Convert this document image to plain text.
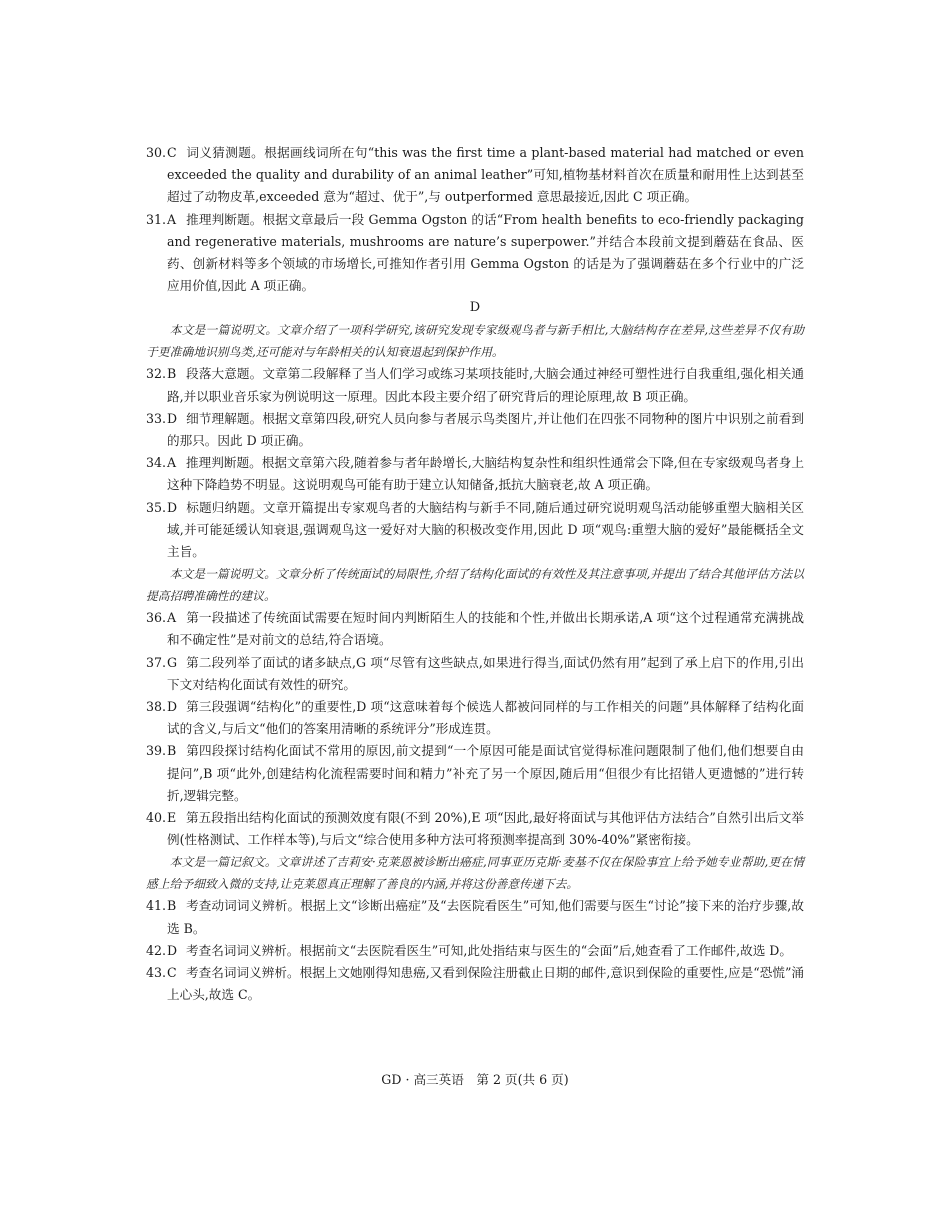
30.C 词义猜测题。根据画线词所在句“this was the first time a plant-based material had matched or even exceeded the quality and durability of an animal leather”可知,植物基材料首次在质量和耐用性上达到甚至超过了动物皮革,exceeded 意为“超过、优于”,与 outperformed 意思最接近,因此 C 项正确。

31.A 推理判断题。根据文章最后一段 Gemma Ogston 的话“From health benefits to eco-friendly packaging and regenerative materials, mushrooms are nature’s superpower.”并结合本段前文提到蘑菇在食品、医药、创新材料等多个领域的市场增长,可推知作者引用 Gemma Ogston 的话是为了强调蘑菇在多个行业中的广泛应用价值,因此 A 项正确。

D

本文是一篇说明文。文章介绍了一项科学研究,该研究发现专家级观鸟者与新手相比,大脑结构存在差异,这些差异不仅有助于更准确地识别鸟类,还可能对与年龄相关的认知衰退起到保护作用。

32.B 段落大意题。文章第二段解释了当人们学习或练习某项技能时,大脑会通过神经可塑性进行自我重组,强化相关通路,并以职业音乐家为例说明这一原理。因此本段主要介绍了研究背后的理论原理,故 B 项正确。

33.D 细节理解题。根据文章第四段,研究人员向参与者展示鸟类图片,并让他们在四张不同物种的图片中识别之前看到的那只。因此 D 项正确。

34.A 推理判断题。根据文章第六段,随着参与者年龄增长,大脑结构复杂性和组织性通常会下降,但在专家级观鸟者身上这种下降趋势不明显。这说明观鸟可能有助于建立认知储备,抵抗大脑衰老,故 A 项正确。

35.D 标题归纳题。文章开篇提出专家观鸟者的大脑结构与新手不同,随后通过研究说明观鸟活动能够重塑大脑相关区域,并可能延缓认知衰退,强调观鸟这一爱好对大脑的积极改变作用,因此 D 项“观鸟:重塑大脑的爱好”最能概括全文主旨。

本文是一篇说明文。文章分析了传统面试的局限性,介绍了结构化面试的有效性及其注意事项,并提出了结合其他评估方法以提高招聘准确性的建议。

36.A 第一段描述了传统面试需要在短时间内判断陌生人的技能和个性,并做出长期承诺,A 项“这个过程通常充满挑战和不确定性”是对前文的总结,符合语境。

37.G 第二段列举了面试的诸多缺点,G 项“尽管有这些缺点,如果进行得当,面试仍然有用”起到了承上启下的作用,引出下文对结构化面试有效性的研究。

38.D 第三段强调“结构化”的重要性,D 项“这意味着每个候选人都被问同样的与工作相关的问题”具体解释了结构化面试的含义,与后文“他们的答案用清晰的系统评分”形成连贯。

39.B 第四段探讨结构化面试不常用的原因,前文提到“一个原因可能是面试官觉得标准问题限制了他们,他们想要自由提问”,B 项“此外,创建结构化流程需要时间和精力”补充了另一个原因,随后用“但很少有比招错人更遗憾的”进行转折,逻辑完整。

40.E 第五段指出结构化面试的预测效度有限(不到 20%),E 项“因此,最好将面试与其他评估方法结合”自然引出后文举例(性格测试、工作样本等),与后文“综合使用多种方法可将预测率提高到 30%-40%”紧密衔接。

本文是一篇记叙文。文章讲述了吉莉安·克莱恩被诊断出癌症,同事亚历克斯·麦基不仅在保险事宜上给予她专业帮助,更在情感上给予细致入微的支持,让克莱恩真正理解了善良的内涵,并将这份善意传递下去。

41.B 考查动词词义辨析。根据上文“诊断出癌症”及“去医院看医生”可知,他们需要与医生“讨论”接下来的治疗步骤,故选 B。

42.D 考查名词词义辨析。根据前文“去医院看医生”可知,此处指结束与医生的“会面”后,她查看了工作邮件,故选 D。

43.C 考查名词词义辨析。根据上文她刚得知患癌,又看到保险注册截止日期的邮件,意识到保险的重要性,应是“恐慌”涌上心头,故选 C。

GD · 高三英语　第 2 页(共 6 页)
